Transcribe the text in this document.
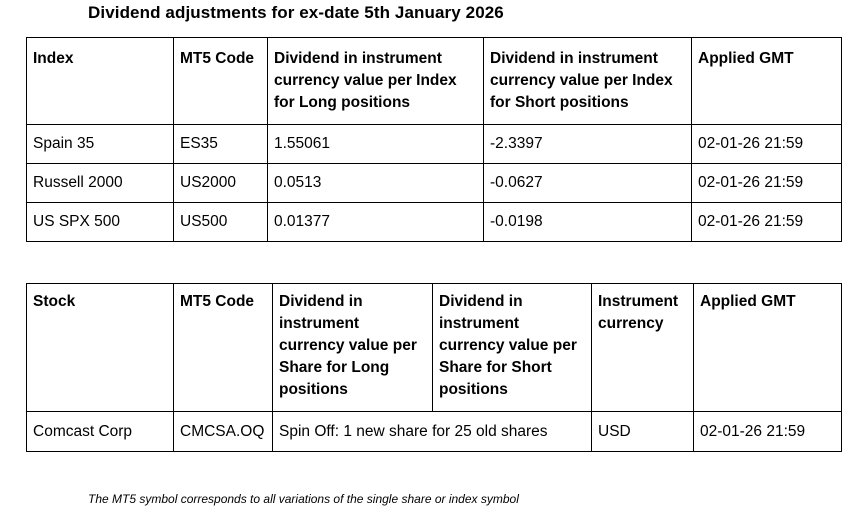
Dividend adjustments for ex-date 5th January 2026
Index	MT5 Code	Dividend in instrument currency value per Index for Long positions	Dividend in instrument currency value per Index for Short positions	Applied GMT
Spain 35	ES35	1.55061	-2.3397	02-01-26 21:59
Russell 2000	US2000	0.0513	-0.0627	02-01-26 21:59
US SPX 500	US500	0.01377	-0.0198	02-01-26 21:59
Stock	MT5 Code	Dividend in instrument currency value per Share for Long positions	Dividend in instrument currency value per Share for Short positions	Instrument currency	Applied GMT
Comcast Corp	CMCSA.OQ	Spin Off: 1 new share for 25 old shares		USD	02-01-26 21:59
The MT5 symbol corresponds to all variations of the single share or index symbol
